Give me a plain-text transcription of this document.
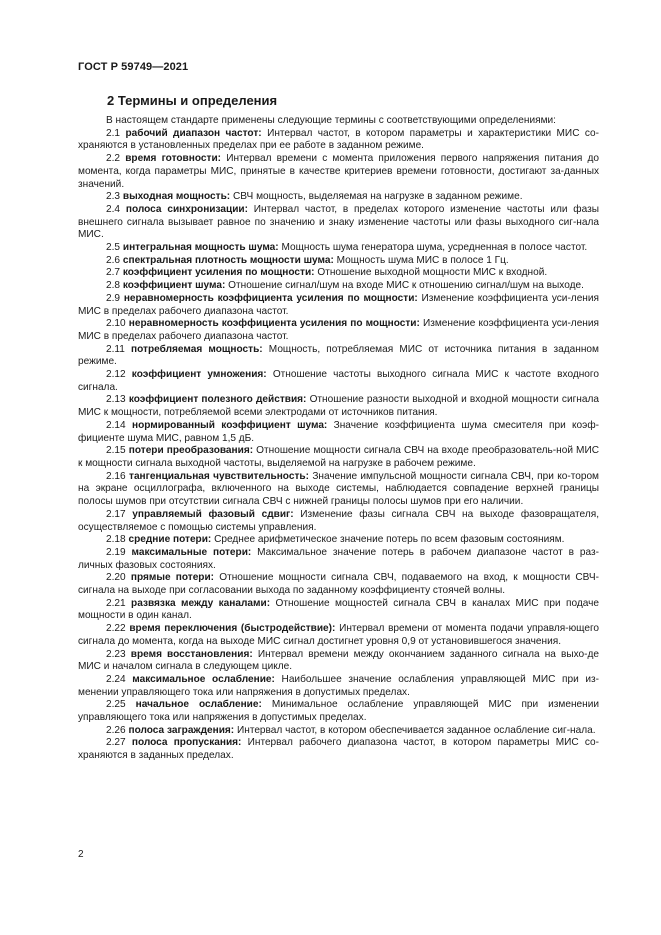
ГОСТ Р 59749—2021
2 Термины и определения

В настоящем стандарте применены следующие термины с соответствующими определениями:

2.1 рабочий диапазон частот: Интервал частот, в котором параметры и характеристики МИС со-храняются в установленных пределах при ее работе в заданном режиме.

2.2 время готовности: Интервал времени с момента приложения первого напряжения питания до момента, когда параметры МИС, принятые в качестве критериев времени готовности, достигают за-данных значений.

2.3 выходная мощность: СВЧ мощность, выделяемая на нагрузке в заданном режиме.

2.4 полоса синхронизации: Интервал частот, в пределах которого изменение частоты или фазы внешнего сигнала вызывает равное по значению и знаку изменение частоты или фазы выходного сиг-нала МИС.

2.5 интегральная мощность шума: Мощность шума генератора шума, усредненная в полосе частот.

2.6 спектральная плотность мощности шума: Мощность шума МИС в полосе 1 Гц.

2.7 коэффициент усиления по мощности: Отношение выходной мощности МИС к входной.

2.8 коэффициент шума: Отношение сигнал/шум на входе МИС к отношению сигнал/шум на выходе.

2.9 неравномерность коэффициента усиления по мощности: Изменение коэффициента уси-ления МИС в пределах рабочего диапазона частот.

2.10 неравномерность коэффициента усиления по мощности: Изменение коэффициента уси-ления МИС в пределах рабочего диапазона частот.

2.11 потребляемая мощность: Мощность, потребляемая МИС от источника питания в заданном режиме.

2.12 коэффициент умножения: Отношение частоты выходного сигнала МИС к частоте входного сигнала.

2.13 коэффициент полезного действия: Отношение разности выходной и входной мощности сигнала МИС к мощности, потребляемой всеми электродами от источников питания.

2.14 нормированный коэффициент шума: Значение коэффициента шума смесителя при коэф-фициенте шума МИС, равном 1,5 дБ.

2.15 потери преобразования: Отношение мощности сигнала СВЧ на входе преобразователь-ной МИС к мощности сигнала выходной частоты, выделяемой на нагрузке в рабочем режиме.

2.16 тангенциальная чувствительность: Значение импульсной мощности сигнала СВЧ, при ко-тором на экране осциллографа, включенного на выходе системы, наблюдается совпадение верхней границы полосы шумов при отсутствии сигнала СВЧ с нижней границы полосы шумов при его наличии.

2.17 управляемый фазовый сдвиг: Изменение фазы сигнала СВЧ на выходе фазовращателя, осуществляемое с помощью системы управления.

2.18 средние потери: Среднее арифметическое значение потерь по всем фазовым состояниям.

2.19 максимальные потери: Максимальное значение потерь в рабочем диапазоне частот в раз-личных фазовых состояниях.

2.20 прямые потери: Отношение мощности сигнала СВЧ, подаваемого на вход, к мощности СВЧ-сигнала на выходе при согласовании выхода по заданному коэффициенту стоячей волны.

2.21 развязка между каналами: Отношение мощностей сигнала СВЧ в каналах МИС при подаче мощности в один канал.

2.22 время переключения (быстродействие): Интервал времени от момента подачи управля-ющего сигнала до момента, когда на выходе МИС сигнал достигнет уровня 0,9 от установившегося значения.

2.23 время восстановления: Интервал времени между окончанием заданного сигнала на выхо-де МИС и началом сигнала в следующем цикле.

2.24 максимальное ослабление: Наибольшее значение ослабления управляющей МИС при из-менении управляющего тока или напряжения в допустимых пределах.

2.25 начальное ослабление: Минимальное ослабление управляющей МИС при изменении управляющего тока или напряжения в допустимых пределах.

2.26 полоса заграждения: Интервал частот, в котором обеспечивается заданное ослабление сиг-нала.

2.27 полоса пропускания: Интервал рабочего диапазона частот, в котором параметры МИС со-храняются в заданных пределах.

2
